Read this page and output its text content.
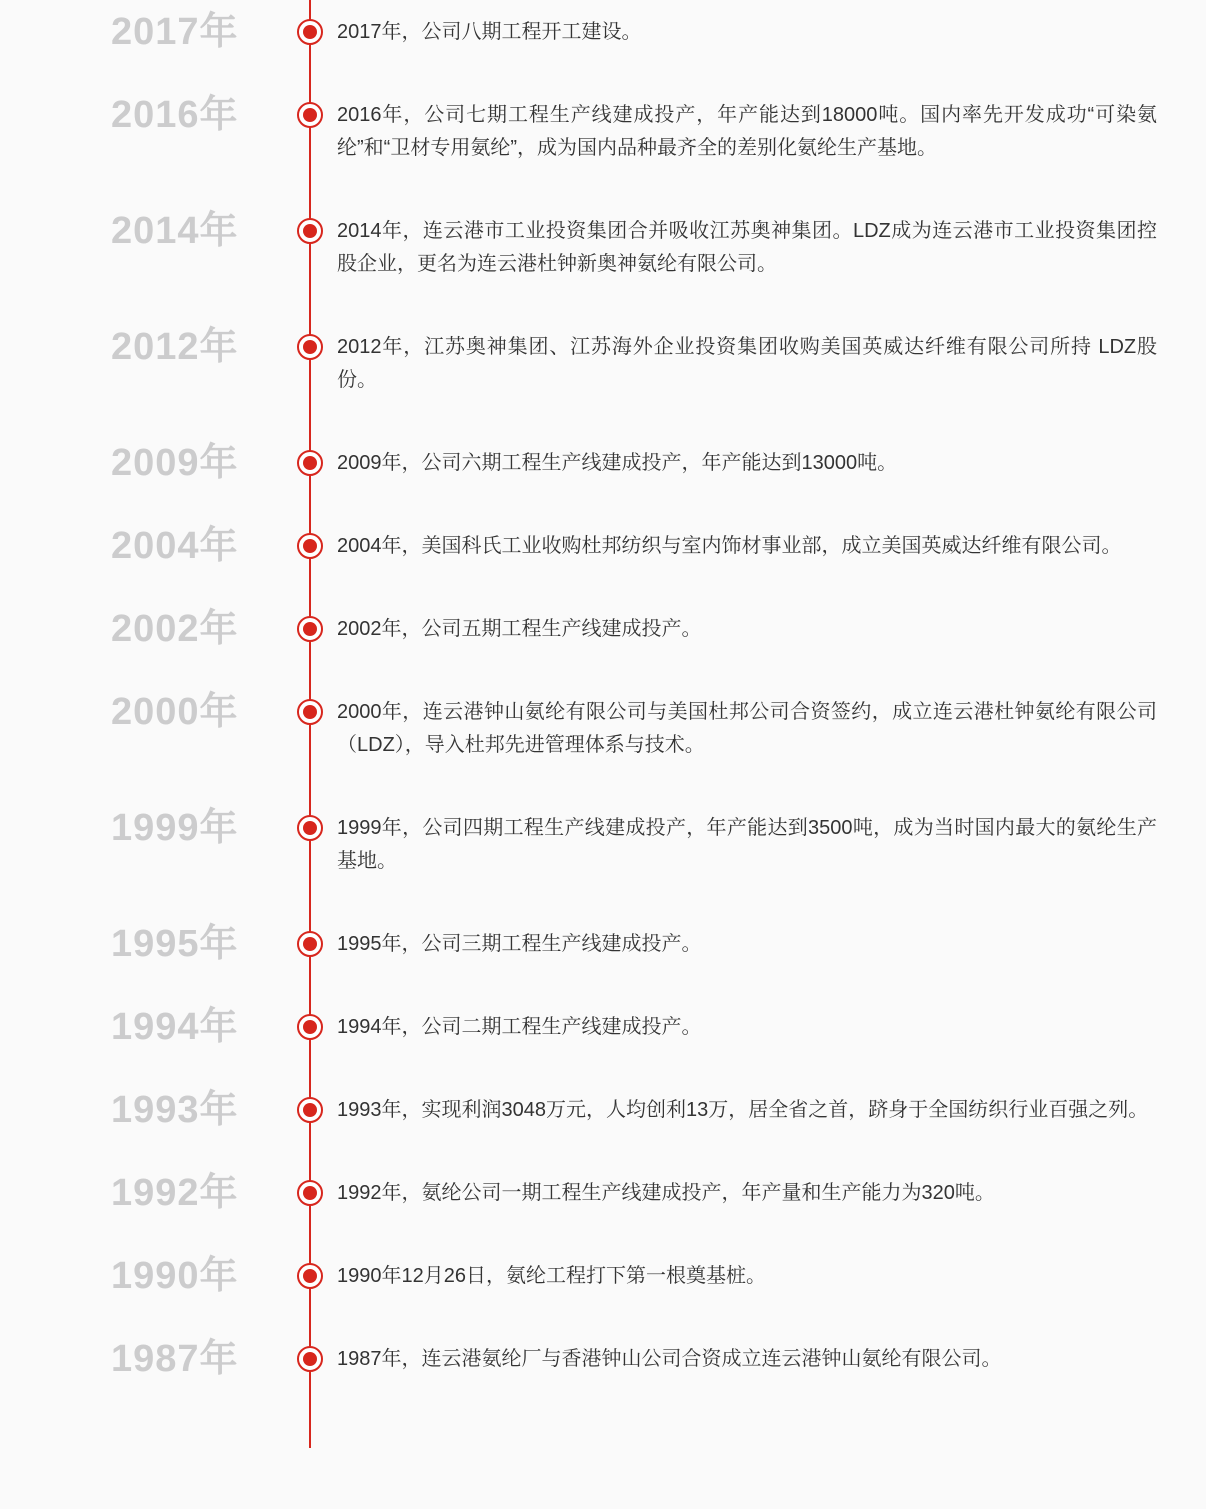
2017年	2017年，公司八期工程开工建设。
2016年	2016年，公司七期工程生产线建成投产，年产能达到18000吨。国内率先开发成功“可染氨纶”和“卫材专用氨纶”，成为国内品种最齐全的差别化氨纶生产基地。
2014年	2014年，连云港市工业投资集团合并吸收江苏奥神集团。LDZ成为连云港市工业投资集团控股企业，更名为连云港杜钟新奥神氨纶有限公司。
2012年	2012年，江苏奥神集团、江苏海外企业投资集团收购美国英威达纤维有限公司所持 LDZ股份。
2009年	2009年，公司六期工程生产线建成投产，年产能达到13000吨。
2004年	2004年，美国科氏工业收购杜邦纺织与室内饰材事业部，成立美国英威达纤维有限公司。
2002年	2002年，公司五期工程生产线建成投产。
2000年	2000年，连云港钟山氨纶有限公司与美国杜邦公司合资签约，成立连云港杜钟氨纶有限公司（LDZ），导入杜邦先进管理体系与技术。
1999年	1999年，公司四期工程生产线建成投产，年产能达到3500吨，成为当时国内最大的氨纶生产基地。
1995年	1995年，公司三期工程生产线建成投产。
1994年	1994年，公司二期工程生产线建成投产。
1993年	1993年，实现利润3048万元，人均创利13万，居全省之首，跻身于全国纺织行业百强之列。
1992年	1992年，氨纶公司一期工程生产线建成投产，年产量和生产能力为320吨。
1990年	1990年12月26日，氨纶工程打下第一根奠基桩。
1987年	1987年，连云港氨纶厂与香港钟山公司合资成立连云港钟山氨纶有限公司。
